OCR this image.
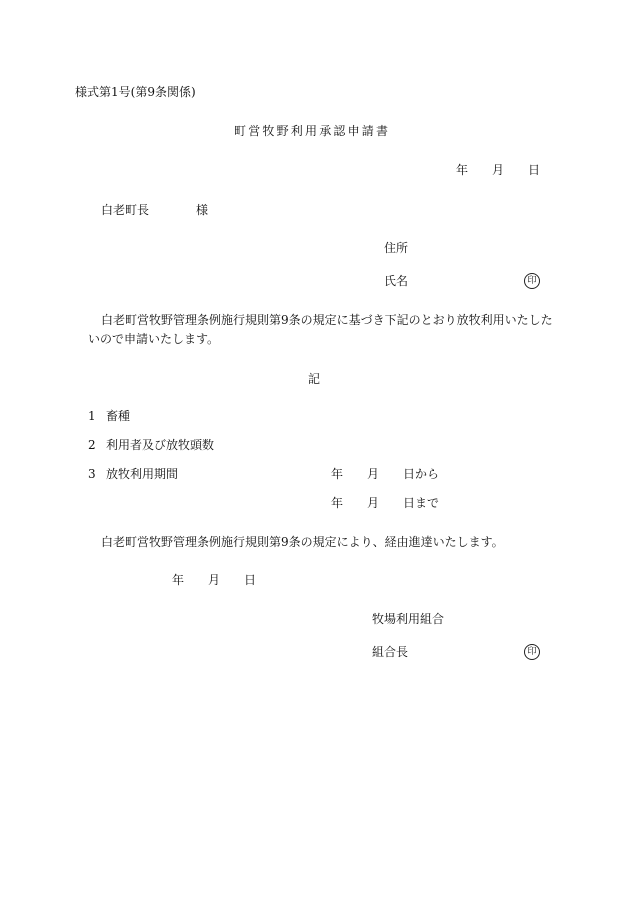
様式第1号(第9条関係)
町営牧野利用承認申請書
年 月 日
白老町長	様
住所
氏名	印
白老町営牧野管理条例施行規則第9条の規定に基づき下記のとおり放牧利用いたした
いので申請いたします。
記
1 畜種
2 利用者及び放牧頭数
3 放牧利用期間	年 月 日から
年 月 日まで
白老町営牧野管理条例施行規則第9条の規定により、経由進達いたします。
年 月 日
牧場利用組合
組合長	印
